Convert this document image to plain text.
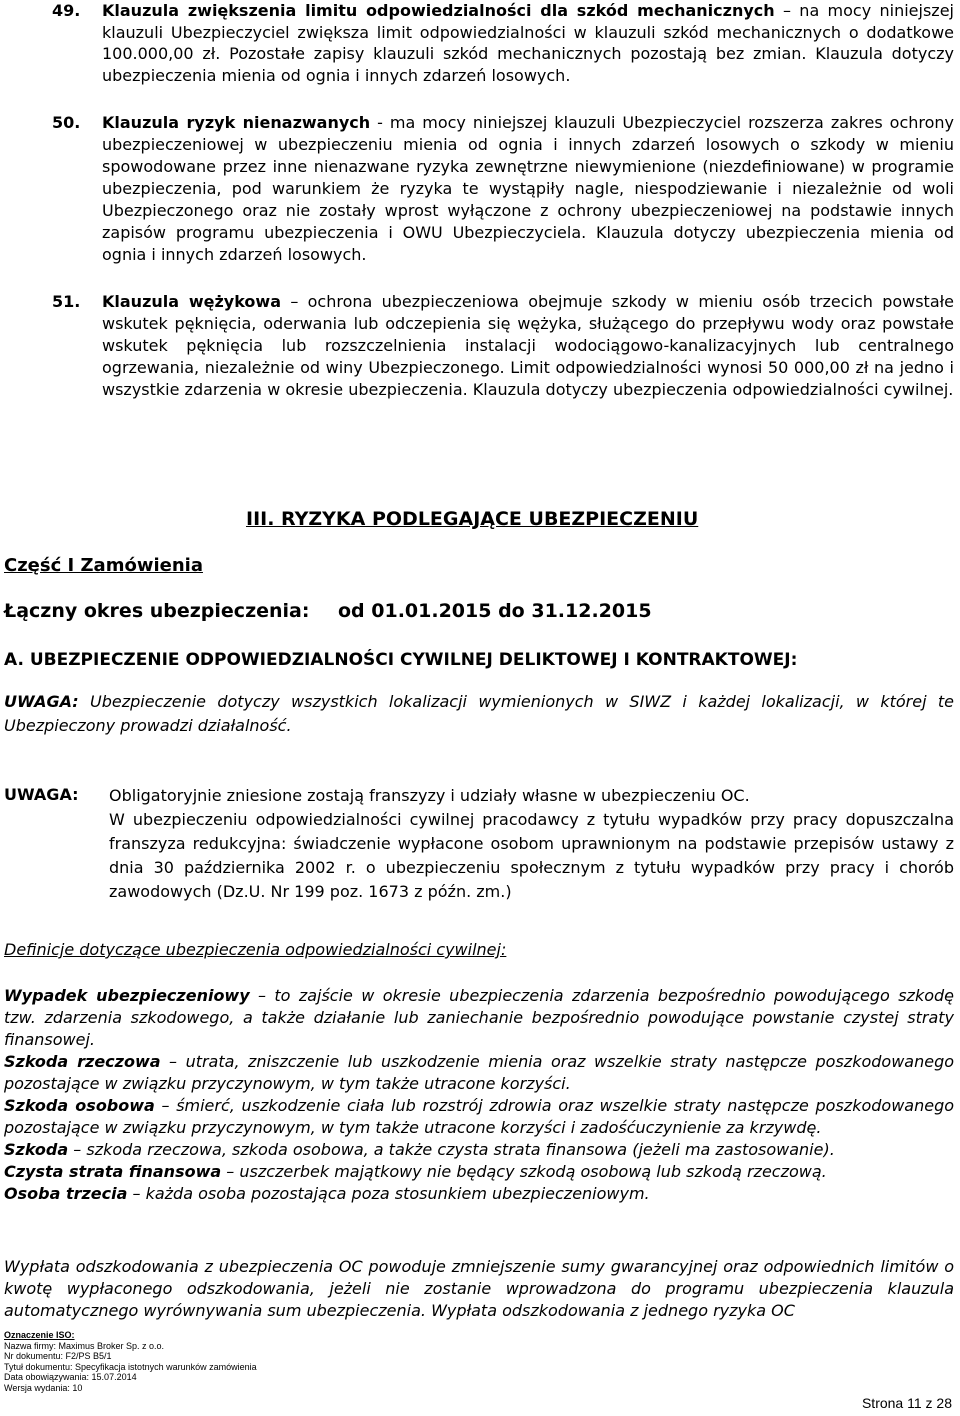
49. Klauzula zwiększenia limitu odpowiedzialności dla szkód mechanicznych – na mocy niniejszej klauzuli Ubezpieczyciel zwiększa limit odpowiedzialności w klauzuli szkód mechanicznych o dodatkowe 100.000,00 zł. Pozostałe zapisy klauzuli szkód mechanicznych pozostają bez zmian. Klauzula dotyczy ubezpieczenia mienia od ognia i innych zdarzeń losowych.
50. Klauzula ryzyk nienazwanych - ma mocy niniejszej klauzuli Ubezpieczyciel rozszerza zakres ochrony ubezpieczeniowej w ubezpieczeniu mienia od ognia i innych zdarzeń losowych o szkody w mieniu spowodowane przez inne nienazwane ryzyka zewnętrzne niewymienione (niezdefiniowane) w programie ubezpieczenia, pod warunkiem że ryzyka te wystąpiły nagle, niespodziewanie i niezależnie od woli Ubezpieczonego oraz nie zostały wprost wyłączone z ochrony ubezpieczeniowej na podstawie innych zapisów programu ubezpieczenia i OWU Ubezpieczyciela. Klauzula dotyczy ubezpieczenia mienia od ognia i innych zdarzeń losowych.
51. Klauzula wężykowa – ochrona ubezpieczeniowa obejmuje szkody w mieniu osób trzecich powstałe wskutek pęknięcia, oderwania lub odczepienia się wężyka, służącego do przepływu wody oraz powstałe wskutek pęknięcia lub rozszczelnienia instalacji wodociągowo-kanalizacyjnych lub centralnego ogrzewania, niezależnie od winy Ubezpieczonego. Limit odpowiedzialności wynosi 50 000,00 zł na jedno i wszystkie zdarzenia w okresie ubezpieczenia. Klauzula dotyczy ubezpieczenia odpowiedzialności cywilnej.
III. RYZYKA PODLEGAJĄCE UBEZPIECZENIU
Część I Zamówienia
Łączny okres ubezpieczenia: od 01.01.2015 do 31.12.2015
A. UBEZPIECZENIE ODPOWIEDZIALNOŚCI CYWILNEJ DELIKTOWEJ I KONTRAKTOWEJ:
UWAGA: Ubezpieczenie dotyczy wszystkich lokalizacji wymienionych w SIWZ i każdej lokalizacji, w której te Ubezpieczony prowadzi działalność.
UWAGA: Obligatoryjnie zniesione zostają franszyzy i udziały własne w ubezpieczeniu OC.

W ubezpieczeniu odpowiedzialności cywilnej pracodawcy z tytułu wypadków przy pracy dopuszczalna franszyza redukcyjna: świadczenie wypłacone osobom uprawnionym na podstawie przepisów ustawy z dnia 30 października 2002 r. o ubezpieczeniu społecznym z tytułu wypadków przy pracy i chorób zawodowych (Dz.U. Nr 199 poz. 1673 z późn. zm.)

Definicje dotyczące ubezpieczenia odpowiedzialności cywilnej:

Wypadek ubezpieczeniowy – to zajście w okresie ubezpieczenia zdarzenia bezpośrednio powodującego szkodę tzw. zdarzenia szkodowego, a także działanie lub zaniechanie bezpośrednio powodujące powstanie czystej straty finansowej.

Szkoda rzeczowa – utrata, zniszczenie lub uszkodzenie mienia oraz wszelkie straty następcze poszkodowanego pozostające w związku przyczynowym, w tym także utracone korzyści.

Szkoda osobowa – śmierć, uszkodzenie ciała lub rozstrój zdrowia oraz wszelkie straty następcze poszkodowanego pozostające w związku przyczynowym, w tym także utracone korzyści i zadośćuczynienie za krzywdę.

Szkoda – szkoda rzeczowa, szkoda osobowa, a także czysta strata finansowa (jeżeli ma zastosowanie).

Czysta strata finansowa – uszczerbek majątkowy nie będący szkodą osobową lub szkodą rzeczową.

Osoba trzecia – każda osoba pozostająca poza stosunkiem ubezpieczeniowym.

Wypłata odszkodowania z ubezpieczenia OC powoduje zmniejszenie sumy gwarancyjnej oraz odpowiednich limitów o kwotę wypłaconego odszkodowania, jeżeli nie zostanie wprowadzona do programu ubezpieczenia klauzula automatycznego wyrównywania sum ubezpieczenia. Wypłata odszkodowania z jednego ryzyka OC
Oznaczenie ISO:
Nazwa firmy: Maximus Broker Sp. z o.o.
Nr dokumentu: F2/PS B5/1
Tytuł dokumentu: Specyfikacja istotnych warunków zamówienia
Data obowiązywania: 15.07.2014
Wersja wydania: 10
Strona 11 z 28
